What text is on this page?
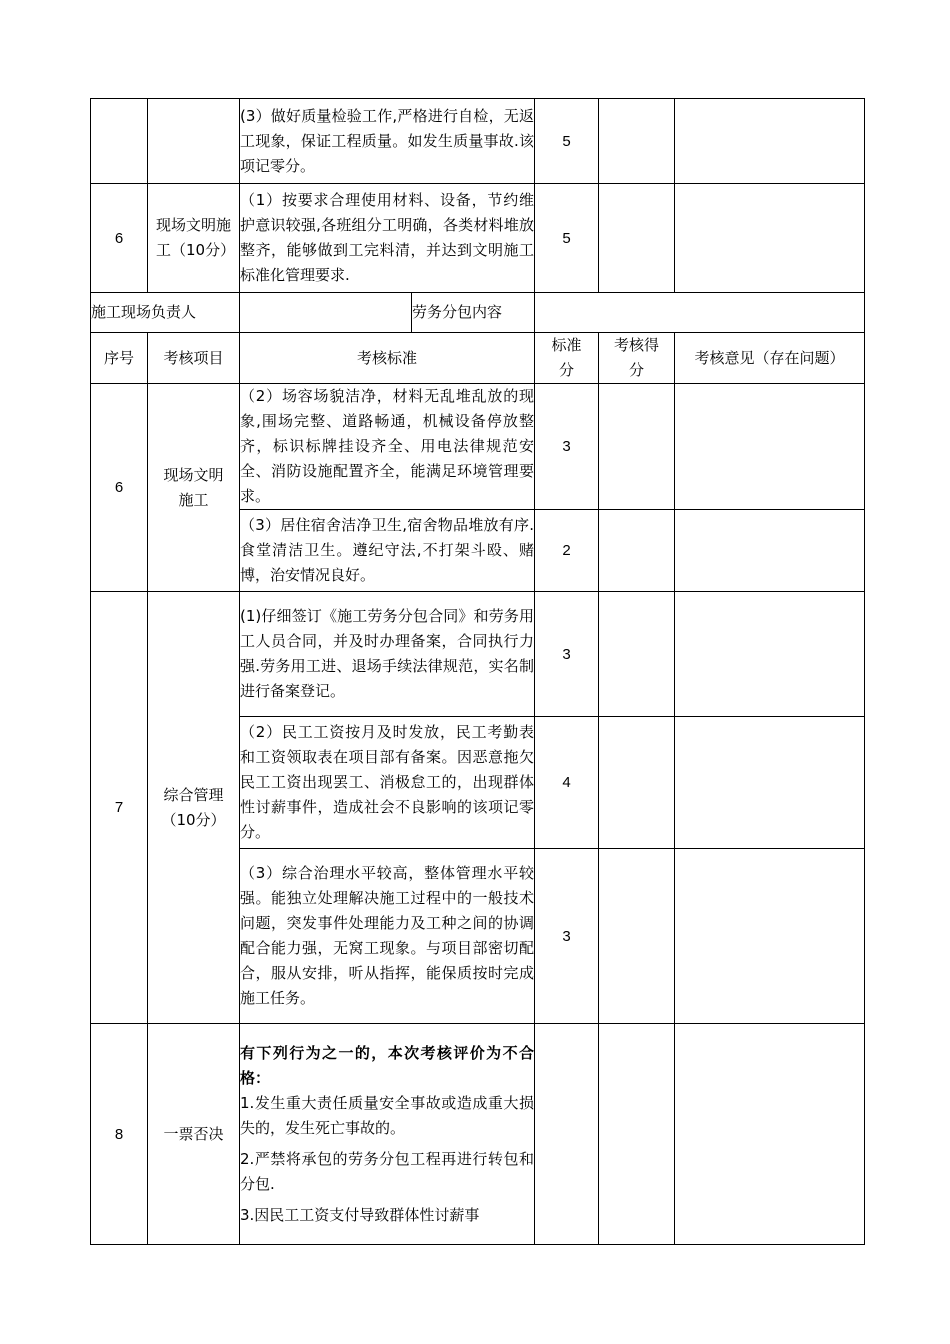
		(3）做好质量检验工作,严格进行自检，无返工现象，保证工程质量。如发生质量事故.该项记零分。		5		
6	现场文明施工（10分）	（1）按要求合理使用材料、设备，节约维护意识较强,各班组分工明确，各类材料堆放整齐，能够做到工完料清，并达到文明施工标准化管理要求.		5		
施工现场负责人			劳务分包内容			
序号	考核项目	考核标准		标准分	考核得分	考核意见（存在问题）
6	现场文明施工	（2）场容场貌洁净，材料无乱堆乱放的现象,围场完整、道路畅通，机械设备停放整齐，标识标牌挂设齐全、用电法律规范安全、消防设施配置齐全，能满足环境管理要求。		3		

		（3）居住宿舍洁净卫生,宿舍物品堆放有序.食堂清洁卫生。遵纪守法,不打架斗殴、赌博，治安情况良好。		2		
7	综合管理（10分）	(1)仔细签订《施工劳务分包合同》和劳务用工人员合同，并及时办理备案，合同执行力强.劳务用工进、退场手续法律规范，实名制进行备案登记。		3		

		（2）民工工资按月及时发放，民工考勤表和工资领取表在项目部有备案。因恶意拖欠民工工资出现罢工、消极怠工的，出现群体性讨薪事件，造成社会不良影响的该项记零分。		4		

		（3）综合治理水平较高，整体管理水平较强。能独立处理解决施工过程中的一般技术问题，突发事件处理能力及工种之间的协调配合能力强，无窝工现象。与项目部密切配合，服从安排，听从指挥，能保质按时完成施工任务。		3		
8	一票否决	有下列行为之一的，本次考核评价为不合格：

1.发生重大责任质量安全事故或造成重大损失的，发生死亡事故的。

2.严禁将承包的劳务分包工程再进行转包和分包.

3.因民工工资支付导致群体性讨薪事				
